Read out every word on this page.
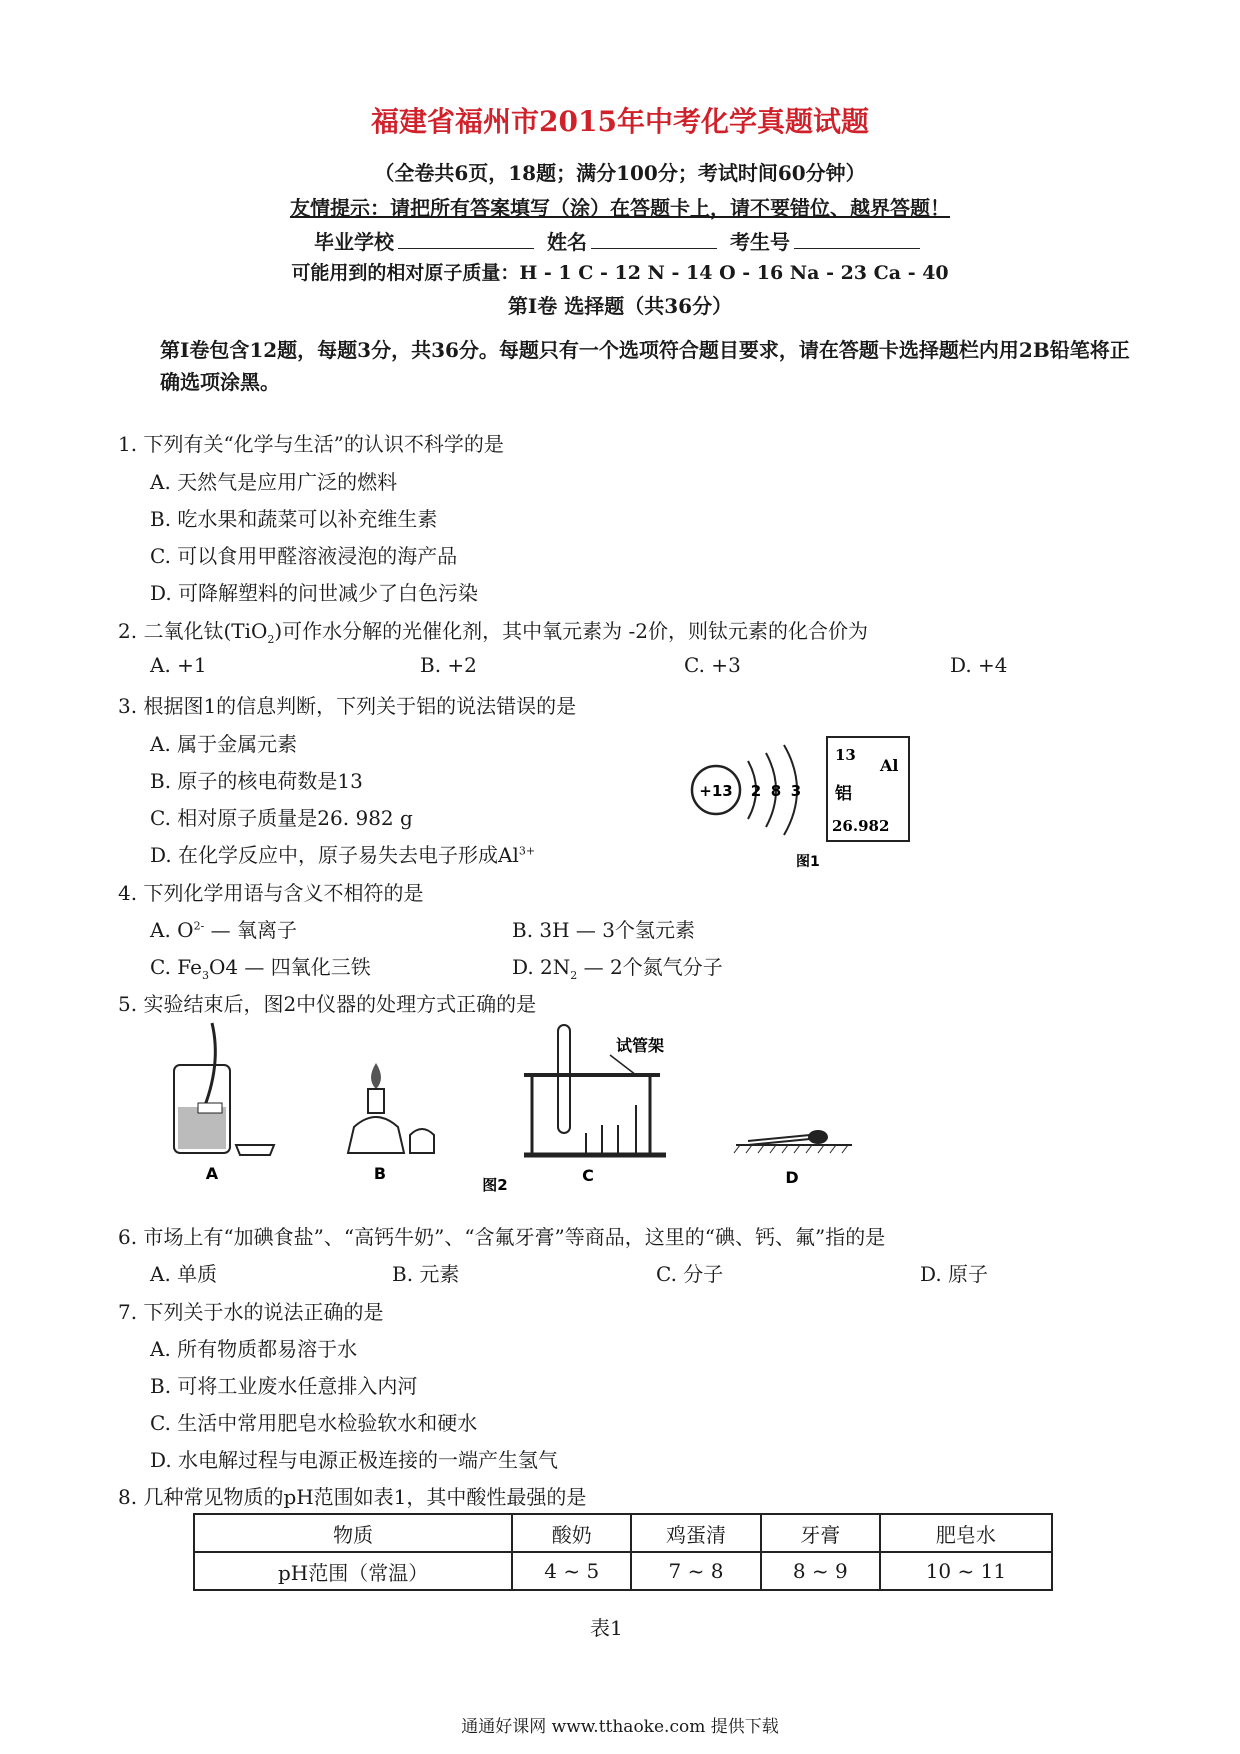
福建省福州市2015年中考化学真题试题
（全卷共6页，18题；满分100分；考试时间60分钟）
友情提示：请把所有答案填写（涂）在答题卡上，请不要错位、越界答题！
毕业学校	姓名	考生号
可能用到的相对原子质量：H - 1 C - 12 N - 14 O - 16 Na - 23 Ca - 40
第Ⅰ卷 选择题（共36分）
第Ⅰ卷包含12题，每题3分，共36分。每题只有一个选项符合题目要求，请在答题卡选择题栏内用2B铅笔将正确选项涂黑。
1. 下列有关“化学与生活”的认识不科学的是
A. 天然气是应用广泛的燃料
B. 吃水果和蔬菜可以补充维生素
C. 可以食用甲醛溶液浸泡的海产品
D. 可降解塑料的问世减少了白色污染
2. 二氧化钛(TiO$_2$)可作水分解的光催化剂，其中氧元素为 -2价，则钛元素的化合价为
A. +1	B. +2	C. +3	D. +4
3. 根据图1的信息判断，下列关于铝的说法错误的是
A. 属于金属元素
B. 原子的核电荷数是13
C. 相对原子质量是26. 982 g
D. 在化学反应中，原子易失去电子形成$Al^{3+}$
+13 2 8 3
13
Al
铝
26.982
图1
4. 下列化学用语与含义不相符的是
A. $O^{2-}$ — 氧离子	B. 3H — 3个氢元素
C. $Fe_3O4$ — 四氧化三铁	D. $2N_2$ — 2个氮气分子
5. 实验结束后，图2中仪器的处理方式正确的是
A	B
试管架
C	D
图2
6. 市场上有“加碘食盐”、“高钙牛奶”、“含氟牙膏”等商品，这里的“碘、钙、氟”指的是
A. 单质	B. 元素	C. 分子	D. 原子
7. 下列关于水的说法正确的是
A. 所有物质都易溶于水
B. 可将工业废水任意排入内河
C. 生活中常用肥皂水检验软水和硬水
D. 水电解过程与电源正极连接的一端产生氢气
8. 几种常见物质的pH范围如表1，其中酸性最强的是
物质	酸奶	鸡蛋清	牙膏	肥皂水
pH范围（常温）	4 ~ 5	7 ~ 8	8 ~ 9	10 ~ 11
表1
通通好课网 www.tthaoke.com 提供下载
